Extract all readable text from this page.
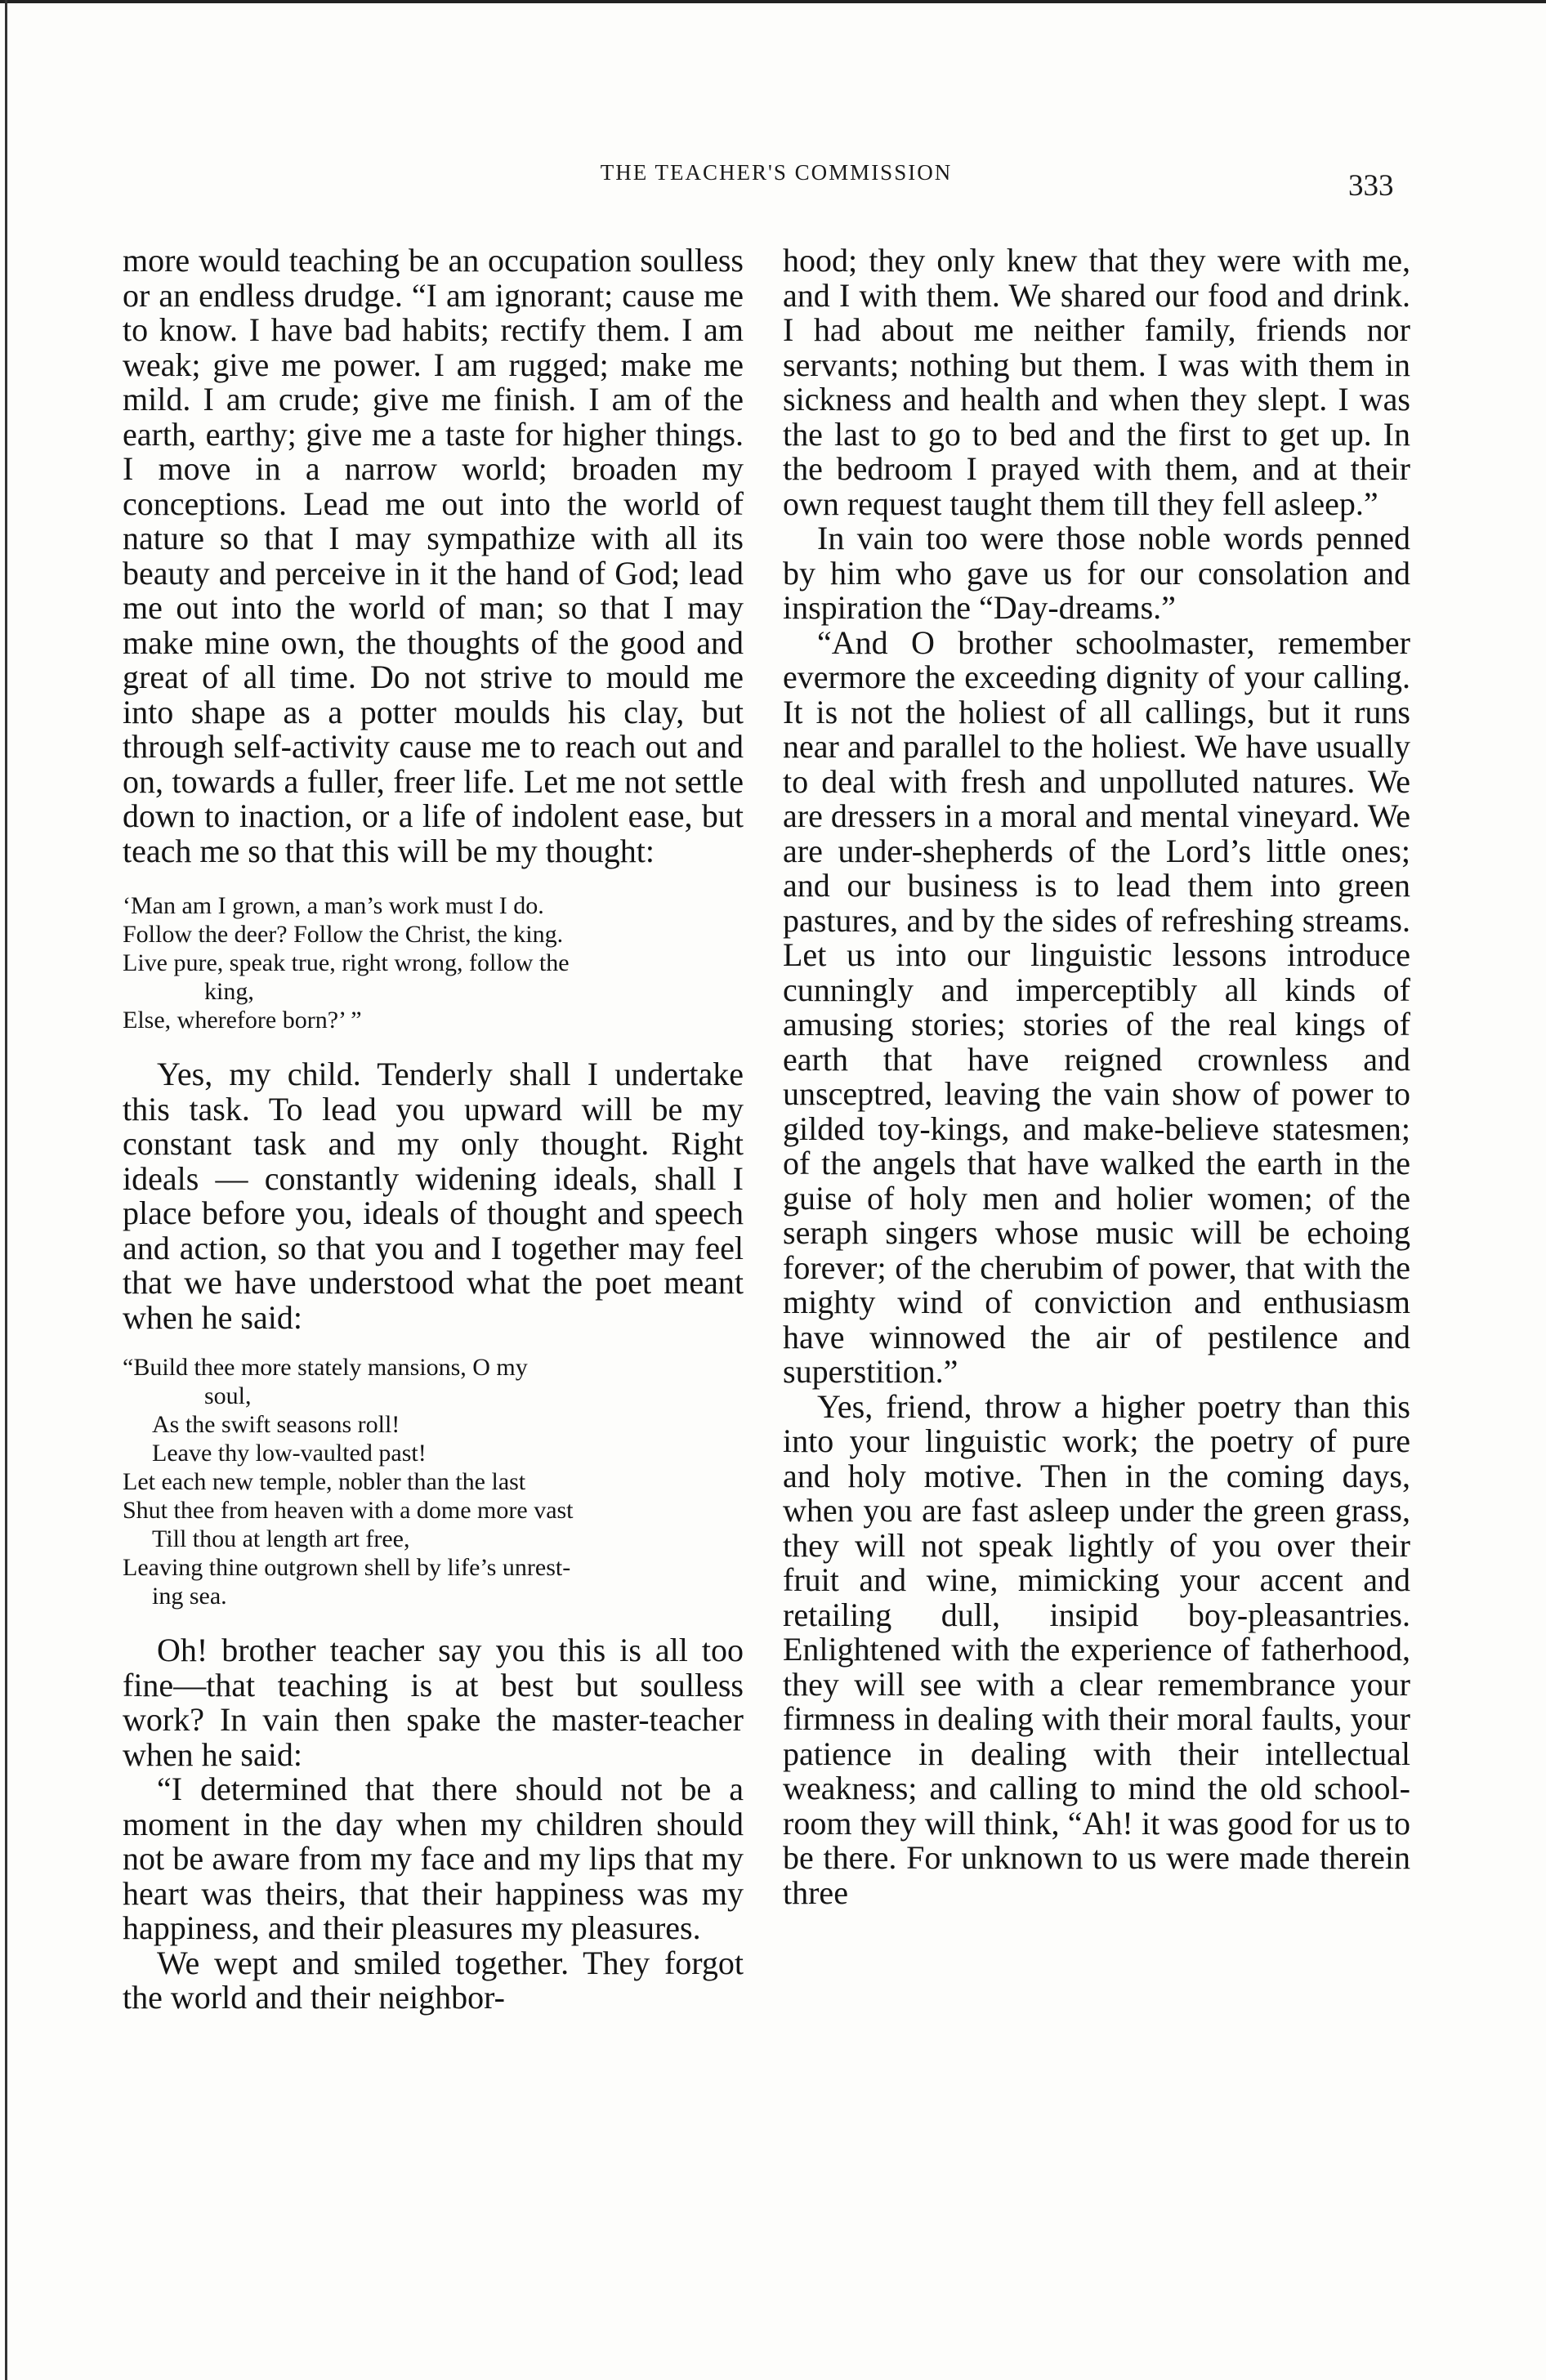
THE TEACHER'S COMMISSION	333

more would teaching be an occupation soulless or an endless drudge. “I am ignorant; cause me to know. I have bad habits; rectify them. I am weak; give me power. I am rugged; make me mild. I am crude; give me finish. I am of the earth, earthy; give me a taste for higher things. I move in a narrow world; broaden my conceptions. Lead me out into the world of nature so that I may sympathize with all its beauty and perceive in it the hand of God; lead me out into the world of man; so that I may make mine own, the thoughts of the good and great of all time. Do not strive to mould me into shape as a potter moulds his clay, but through self-activity cause me to reach out and on, towards a fuller, freer life. Let me not settle down to inaction, or a life of indolent ease, but teach me so that this will be my thought:

‘Man am I grown, a man’s work must I do.
Follow the deer? Follow the Christ, the king.
Live pure, speak true, right wrong, follow the
king,
Else, wherefore born?’ ”

Yes, my child. Tenderly shall I undertake this task. To lead you upward will be my constant task and my only thought. Right ideals — constantly widening ideals, shall I place before you, ideals of thought and speech and action, so that you and I together may feel that we have understood what the poet meant when he said:

“Build thee more stately mansions, O my
soul,
As the swift seasons roll!
Leave thy low-vaulted past!
Let each new temple, nobler than the last
Shut thee from heaven with a dome more vast
Till thou at length art free,
Leaving thine outgrown shell by life’s unrest-
ing sea.

Oh! brother teacher say you this is all too fine—that teaching is at best but soulless work? In vain then spake the master-teacher when he said:

“I determined that there should not be a moment in the day when my children should not be aware from my face and my lips that my heart was theirs, that their happiness was my happiness, and their pleasures my pleasures.

We wept and smiled together. They forgot the world and their neighbor-

hood; they only knew that they were with me, and I with them. We shared our food and drink. I had about me neither family, friends nor servants; nothing but them. I was with them in sickness and health and when they slept. I was the last to go to bed and the first to get up. In the bedroom I prayed with them, and at their own request taught them till they fell asleep.”

In vain too were those noble words penned by him who gave us for our consolation and inspiration the “Day-dreams.”

“And O brother schoolmaster, remember evermore the exceeding dignity of your calling. It is not the holiest of all callings, but it runs near and parallel to the holiest. We have usually to deal with fresh and unpolluted natures. We are dressers in a moral and mental vineyard. We are under-shepherds of the Lord’s little ones; and our business is to lead them into green pastures, and by the sides of refreshing streams. Let us into our linguistic lessons introduce cunningly and imperceptibly all kinds of amusing stories; stories of the real kings of earth that have reigned crownless and unsceptred, leaving the vain show of power to gilded toy-kings, and make-believe statesmen; of the angels that have walked the earth in the guise of holy men and holier women; of the seraph singers whose music will be echoing forever; of the cherubim of power, that with the mighty wind of conviction and enthusiasm have winnowed the air of pestilence and superstition.”

Yes, friend, throw a higher poetry than this into your linguistic work; the poetry of pure and holy motive. Then in the coming days, when you are fast asleep under the green grass, they will not speak lightly of you over their fruit and wine, mimicking your accent and retailing dull, insipid boy-pleasantries. Enlightened with the experience of fatherhood, they will see with a clear remembrance your firmness in dealing with their moral faults, your patience in dealing with their intellectual weakness; and calling to mind the old school-room they will think, “Ah! it was good for us to be there. For unknown to us were made therein three
